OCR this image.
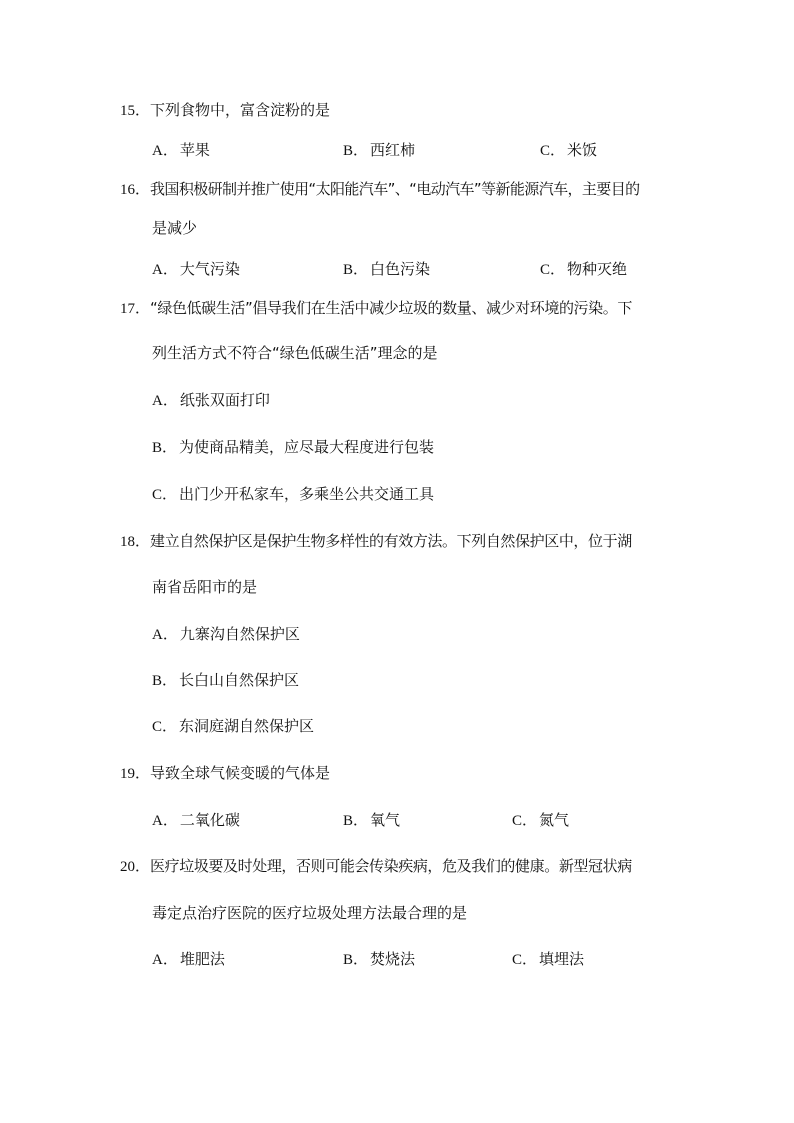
15．下列食物中，富含淀粉的是
A． 苹果	B． 西红柿	C． 米饭
16．我国积极研制并推广使用“太阳能汽车”、“电动汽车”等新能源汽车，主要目的
是减少
A． 大气污染	B． 白色污染	C． 物种灭绝
17．“绿色低碳生活”倡导我们在生活中减少垃圾的数量、减少对环境的污染。下
列生活方式不符合“绿色低碳生活”理念的是
A． 纸张双面打印
B． 为使商品精美，应尽最大程度进行包装
C． 出门少开私家车，多乘坐公共交通工具
18．建立自然保护区是保护生物多样性的有效方法。下列自然保护区中，位于湖
南省岳阳市的是
A． 九寨沟自然保护区
B． 长白山自然保护区
C． 东洞庭湖自然保护区
19．导致全球气候变暖的气体是
A． 二氧化碳	B． 氧气	C． 氮气
20．医疗垃圾要及时处理，否则可能会传染疾病，危及我们的健康。新型冠状病
毒定点治疗医院的医疗垃圾处理方法最合理的是
A． 堆肥法	B． 焚烧法	C． 填埋法
